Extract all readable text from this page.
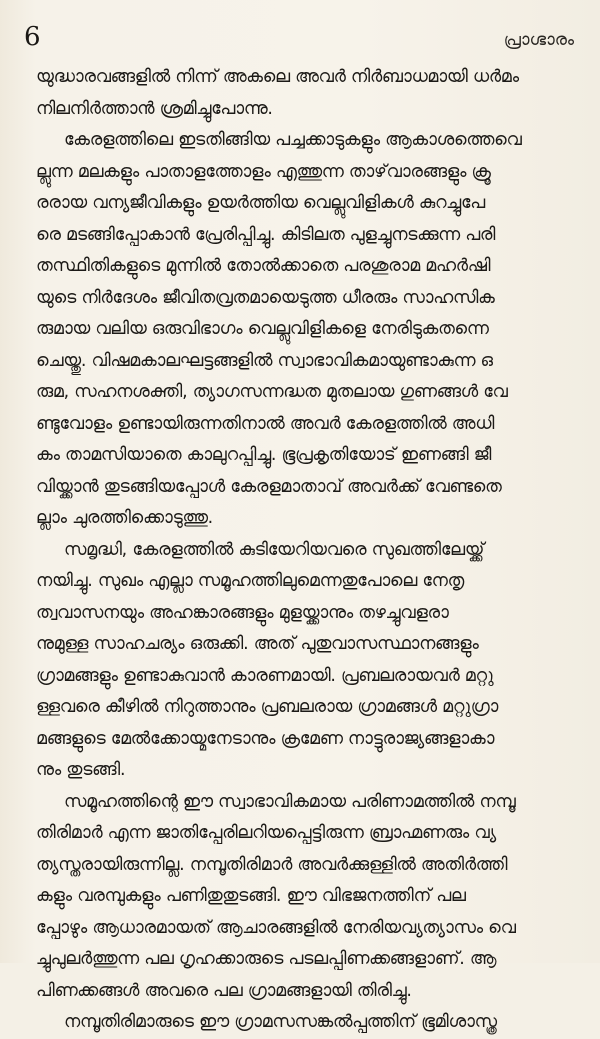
6	പ്രാഗ്ഭാരം
യുദ്ധാരവങ്ങളിൽ നിന്ന് അകലെ അവർ നിർബാധമായി ധർമം
നിലനിർത്താൻ ശ്രമിച്ചുപോന്നു.
കേരളത്തിലെ ഇടതിങ്ങിയ പച്ചക്കാടുകളും ആകാശത്തെവെ
ല്ലുന്ന മലകളും പാതാളത്തോളം എത്തുന്ന താഴ്‌വാരങ്ങളും ക്രൂ
രരായ വന്യജീവികളും ഉയർത്തിയ വെല്ലുവിളികൾ കുറച്ചുപേ
രെ മടങ്ങിപ്പോകാൻ പ്രേരിപ്പിച്ചു. കിടിലത പുളച്ചുനടക്കുന്ന പരി
തസ്ഥിതികളുടെ മുന്നിൽ തോൽക്കാതെ പരശുരാമ മഹർഷി
യുടെ നിർദേശം ജീവിതവ്രതമായെടുത്ത ധീരരും സാഹസിക
രുമായ വലിയ ഒരുവിഭാഗം വെല്ലുവിളികളെ നേരിടുകതന്നെ
ചെയ്തു. വിഷമകാലഘട്ടങ്ങളിൽ സ്വാഭാവികമായുണ്ടാകുന്ന ഒ
രുമ, സഹനശക്തി, ത്യാഗസന്നദ്ധത മുതലായ ഗുണങ്ങൾ വേ
ണ്ടുവോളം ഉണ്ടായിരുന്നതിനാൽ അവർ കേരളത്തിൽ അധി
കം താമസിയാതെ കാലുറപ്പിച്ചു. ഭൂപ്രകൃതിയോട് ഇണങ്ങി ജീ
വിയ്ക്കാൻ തുടങ്ങിയപ്പോൾ കേരളമാതാവ് അവർക്ക് വേണ്ടതെ
ല്ലാം ചുരത്തിക്കൊടുത്തു.
സമൃദ്ധി, കേരളത്തിൽ കുടിയേറിയവരെ സുഖത്തിലേയ്ക്ക്
നയിച്ചു. സുഖം എല്ലാ സമൂഹത്തിലുമെന്നതുപോലെ നേതൃ
ത്വവാസനയും അഹങ്കാരങ്ങളും മുളയ്ക്കാനും തഴച്ചുവളരാ
നുമുള്ള സാഹചര്യം ഒരുക്കി. അത് പുതുവാസസ്ഥാനങ്ങളും
ഗ്രാമങ്ങളും ഉണ്ടാകുവാൻ കാരണമായി. പ്രബലരായവർ മറ്റു
ള്ളവരെ കീഴിൽ നിറുത്താനും പ്രബലരായ ഗ്രാമങ്ങൾ മറ്റുഗ്രാ
മങ്ങളുടെ മേൽക്കോയ്മനേടാനും ക്രമേണ നാട്ടുരാജ്യങ്ങളാകാ
നും തുടങ്ങി.
സമൂഹത്തിന്റെ ഈ സ്വാഭാവികമായ പരിണാമത്തിൽ നമ്പൂ
തിരിമാർ എന്ന ജാതിപ്പേരിലറിയപ്പെട്ടിരുന്ന ബ്രാഹ്മണരും വ്യ
ത്യസ്തരായിരുന്നില്ല. നമ്പൂതിരിമാർ അവർക്കുള്ളിൽ അതിർത്തി
കളും വരമ്പുകളും പണിതുതുടങ്ങി. ഈ വിഭജനത്തിന് പല
പ്പോഴും ആധാരമായത് ആചാരങ്ങളിൽ നേരിയവ്യത്യാസം വെ
ച്ചുപുലർത്തുന്ന പല ഗൃഹക്കാരുടെ പടലപ്പിണക്കങ്ങളാണ്. ആ
പിണക്കങ്ങൾ അവരെ പല ഗ്രാമങ്ങളായി തിരിച്ചു.
നമ്പൂതിരിമാരുടെ ഈ ഗ്രാമസസങ്കൽപ്പത്തിന് ഭൂമിശാസ്ത്ര
